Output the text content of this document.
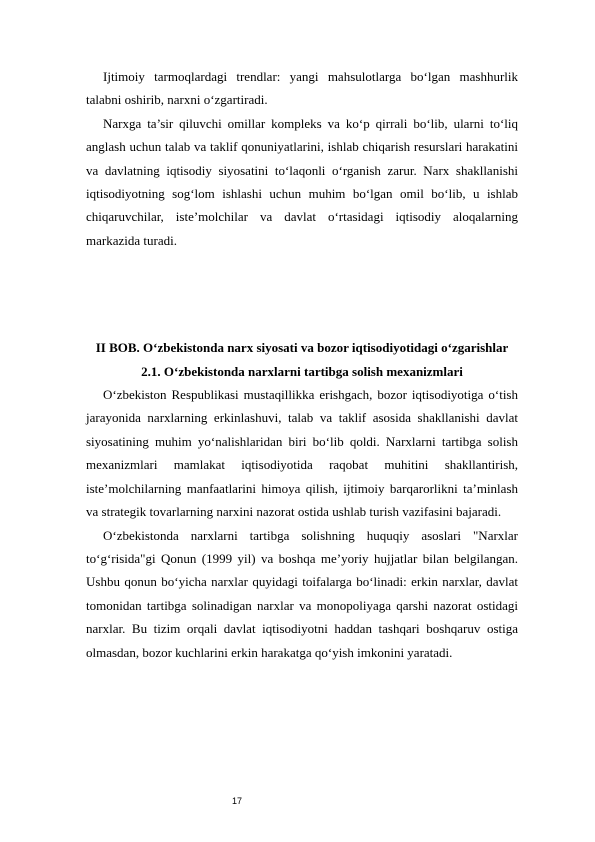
Ijtimoiy tarmoqlardagi trendlar: yangi mahsulotlarga bo‘lgan mashhurlik talabni oshirib, narxni o‘zgartiradi.

Narxga ta’sir qiluvchi omillar kompleks va ko‘p qirrali bo‘lib, ularni to‘liq anglash uchun talab va taklif qonuniyatlarini, ishlab chiqarish resurslari harakatini va davlatning iqtisodiy siyosatini to‘laqonli o‘rganish zarur. Narx shakllanishi iqtisodiyotning sog‘lom ishlashi uchun muhim bo‘lgan omil bo‘lib, u ishlab chiqaruvchilar, iste’molchilar va davlat o‘rtasidagi iqtisodiy aloqalarning markazida turadi.

II BOB. O‘zbekistonda narx siyosati va bozor iqtisodiyotidagi o‘zgarishlar
2.1. O‘zbekistonda narxlarni tartibga solish mexanizmlari

O‘zbekiston Respublikasi mustaqillikka erishgach, bozor iqtisodiyotiga o‘tish jarayonida narxlarning erkinlashuvi, talab va taklif asosida shakllanishi davlat siyosatining muhim yo‘nalishlaridan biri bo‘lib qoldi. Narxlarni tartibga solish mexanizmlari mamlakat iqtisodiyotida raqobat muhitini shakllantirish, iste’molchilarning manfaatlarini himoya qilish, ijtimoiy barqarorlikni ta’minlash va strategik tovarlarning narxini nazorat ostida ushlab turish vazifasini bajaradi.

O‘zbekistonda narxlarni tartibga solishning huquqiy asoslari "Narxlar to‘g‘risida"gi Qonun (1999 yil) va boshqa me’yoriy hujjatlar bilan belgilangan. Ushbu qonun bo‘yicha narxlar quyidagi toifalarga bo‘linadi: erkin narxlar, davlat tomonidan tartibga solinadigan narxlar va monopoliyaga qarshi nazorat ostidagi narxlar. Bu tizim orqali davlat iqtisodiyotni haddan tashqari boshqaruv ostiga olmasdan, bozor kuchlarini erkin harakatga qo‘yish imkonini yaratadi.

17
